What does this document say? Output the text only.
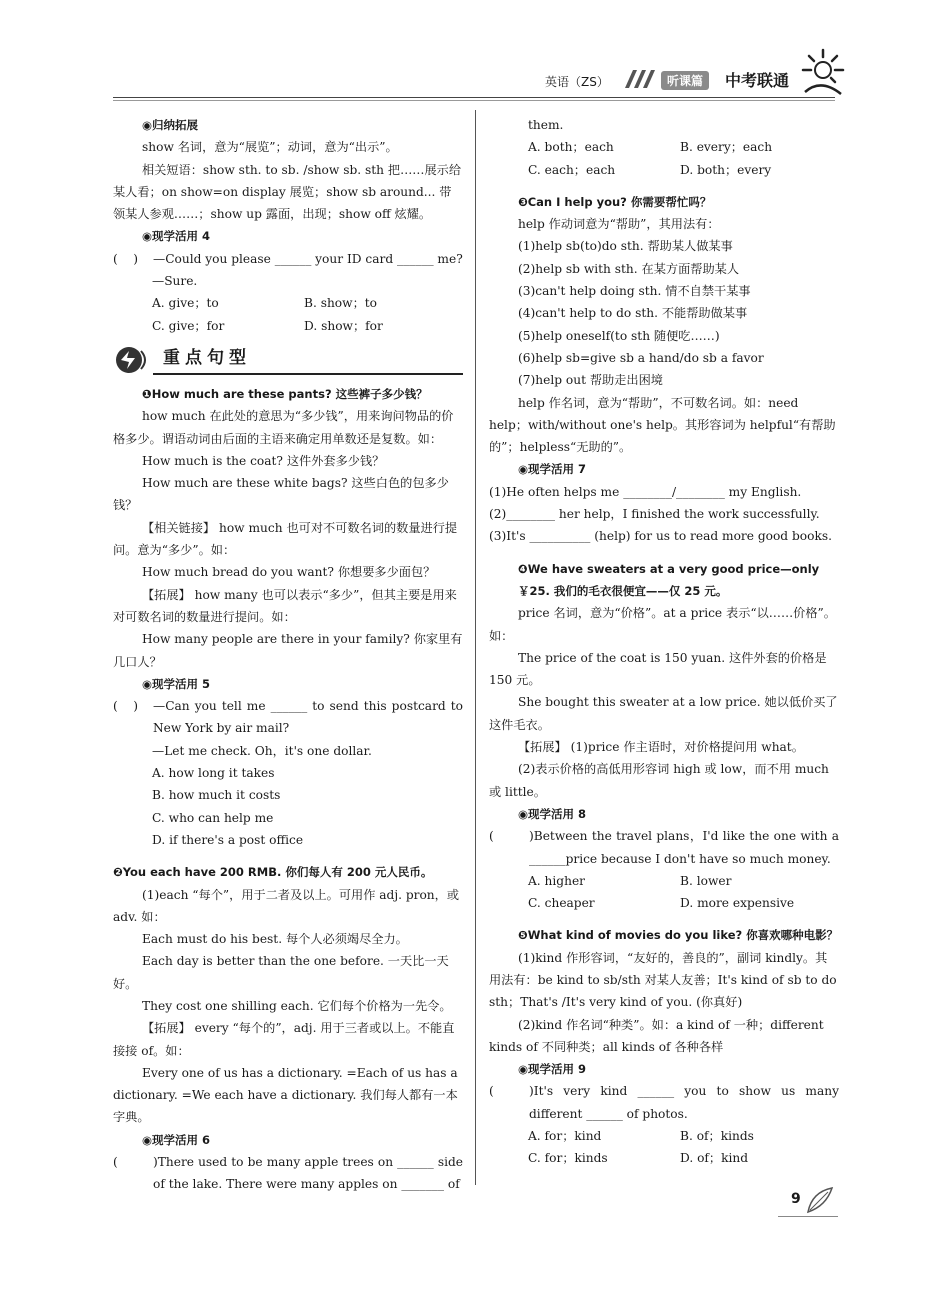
英语（ZS）	听课篇	中考联通

◉归纳拓展

show 名词，意为“展览”；动词，意为“出示”。

相关短语：show sth. to sb. /show sb. sth 把……展示给某人看；on show=on display 展览；show sb around... 带领某人参观……；show up 露面，出现；show off 炫耀。

◉现学活用 4

(    )	—Could you please ______ your ID card ______ me?

—Sure.

A. give；to	B. show；to
C. give；for	D. show；for
重点句型

❶How much are these pants? 这些裤子多少钱？

how much 在此处的意思为“多少钱”，用来询问物品的价格多少。谓语动词由后面的主语来确定用单数还是复数。如：

How much is the coat? 这件外套多少钱？

How much are these white bags? 这些白色的包多少钱？

【相关链接】 how much 也可对不可数名词的数量进行提问。意为“多少”。如：

How much bread do you want? 你想要多少面包？

【拓展】 how many 也可以表示“多少”，但其主要是用来对可数名词的数量进行提问。如：

How many people are there in your family? 你家里有几口人？

◉现学活用 5

(    )	—Can you tell me ______ to send this postcard to New York by air mail?

—Let me check. Oh，it's one dollar.

A. how long it takes

B. how much it costs

C. who can help me

D. if there's a post office

❷You each have 200 RMB. 你们每人有 200 元人民币。

(1)each “每个”，用于二者及以上。可用作 adj. pron，或 adv. 如：

Each must do his best. 每个人必须竭尽全力。

Each day is better than the one before. 一天比一天好。

They cost one shilling each. 它们每个价格为一先令。

【拓展】 every “每个的”，adj. 用于三者或以上。不能直接接 of。如：

Every one of us has a dictionary. =Each of us has a dictionary. =We each have a dictionary. 我们每人都有一本字典。

◉现学活用 6

(	)There used to be many apple trees on ______ side of the lake. There were many apples on _______ of

them.

A. both；each	B. every；each
C. each；each	D. both；every

❸Can I help you? 你需要帮忙吗？

help 作动词意为“帮助”，其用法有：

(1)help sb(to)do sth. 帮助某人做某事

(2)help sb with sth. 在某方面帮助某人

(3)can't help doing sth. 情不自禁干某事

(4)can't help to do sth. 不能帮助做某事

(5)help oneself(to sth 随便吃……)

(6)help sb=give sb a hand/do sb a favor

(7)help out 帮助走出困境

help 作名词，意为“帮助”，不可数名词。如：need help；with/without one's help。其形容词为 helpful“有帮助的”；helpless“无助的”。

◉现学活用 7

(1)He often helps me ________/________ my English.

(2)________ her help，I finished the work successfully.

(3)It's __________ (help) for us to read more good books.

❹We have sweaters at a very good price—only ￥25. 我们的毛衣很便宜——仅 25 元。

price 名词，意为“价格”。at a price 表示“以……价格”。如：

The price of the coat is 150 yuan. 这件外套的价格是 150 元。

She bought this sweater at a low price. 她以低价买了这件毛衣。

【拓展】 (1)price 作主语时，对价格提问用 what。

(2)表示价格的高低用形容词 high 或 low，而不用 much 或 little。

◉现学活用 8

(	)Between the travel plans，I'd like the one with a ______price because I don't have so much money.
A. higher	B. lower
C. cheaper	D. more expensive

❺What kind of movies do you like? 你喜欢哪种电影？

(1)kind 作形容词，“友好的，善良的”，副词 kindly。其用法有：be kind to sb/sth 对某人友善；It's kind of sb to do sth；That's /It's very kind of you. (你真好)

(2)kind 作名词“种类”。如：a kind of 一种；different kinds of 不同种类；all kinds of 各种各样

◉现学活用 9

(	)It's very kind ______ you to show us many different ______ of photos.
A. for；kind	B. of；kinds
C. for；kinds	D. of；kind
9
